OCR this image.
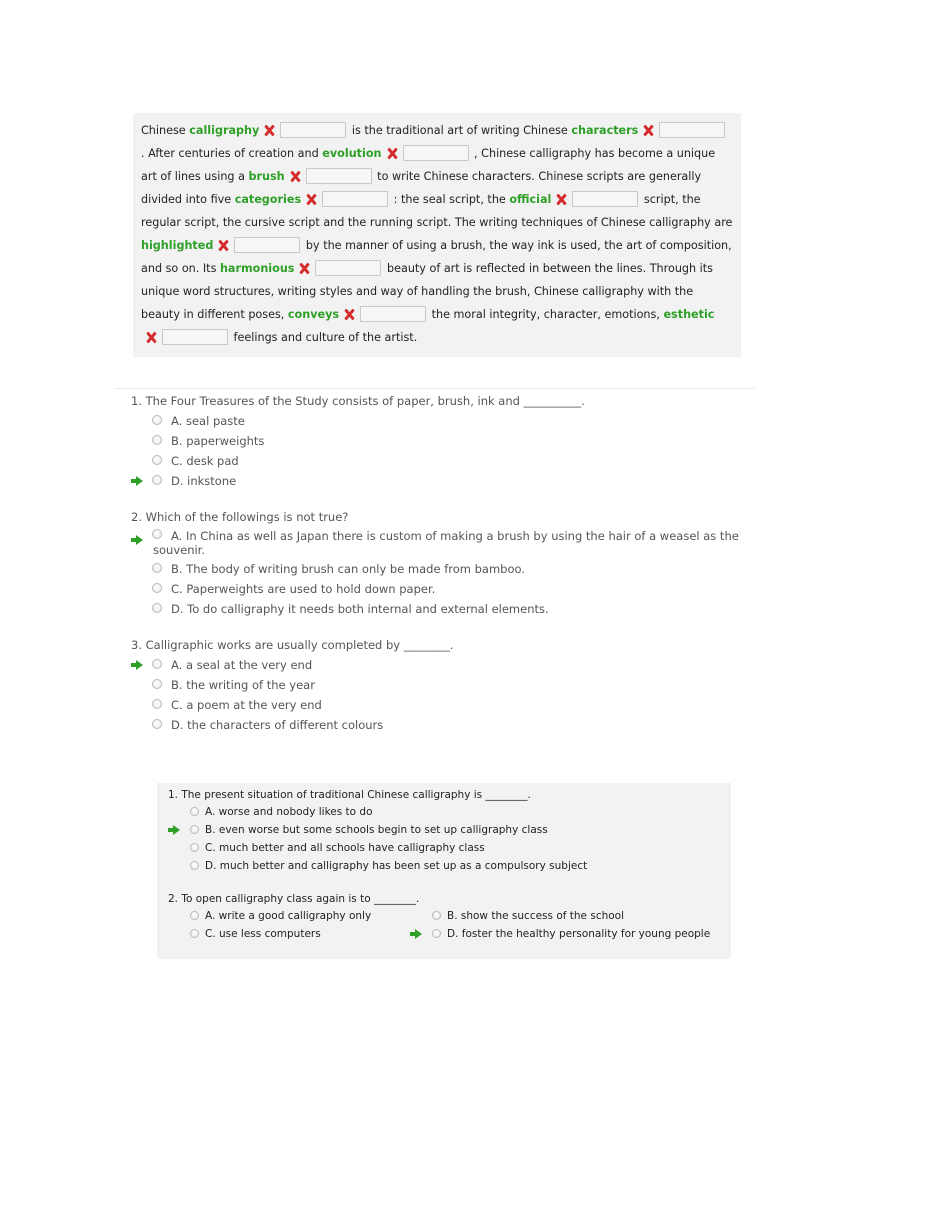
Chinese calligraphy	is the traditional art of writing Chinese characters . After centuries of creation and evolution	, Chinese calligraphy has become a unique art of lines using a brush	to write Chinese characters. Chinese scripts are generally divided into five categories	: the seal script, the official	script, the regular script, the cursive script and the running script. The writing techniques of Chinese calligraphy are highlighted	by the manner of using a brush, the way ink is used, the art of composition, and so on. Its harmonious	beauty of art is reflected in between the lines. Through its unique word structures, writing styles and way of handling the brush, Chinese calligraphy with the beauty in different poses, conveys	the moral integrity, character, emotions, esthetic feelings and culture of the artist.
1. The Four Treasures of the Study consists of paper, brush, ink and __________.
A. seal paste
B. paperweights
C. desk pad
D. inkstone
2. Which of the followings is not true?
A. In China as well as Japan there is custom of making a brush by using the hair of a weasel as the souvenir.
B. The body of writing brush can only be made from bamboo.
C. Paperweights are used to hold down paper.
D. To do calligraphy it needs both internal and external elements.
3. Calligraphic works are usually completed by ________.
A. a seal at the very end
B. the writing of the year
C. a poem at the very end
D. the characters of different colours
1. The present situation of traditional Chinese calligraphy is ________.
A. worse and nobody likes to do
B. even worse but some schools begin to set up calligraphy class
C. much better and all schools have calligraphy class
D. much better and calligraphy has been set up as a compulsory subject
2. To open calligraphy class again is to ________.
A. write a good calligraphy only	B. show the success of the school
C. use less computers	D. foster the healthy personality for young people
